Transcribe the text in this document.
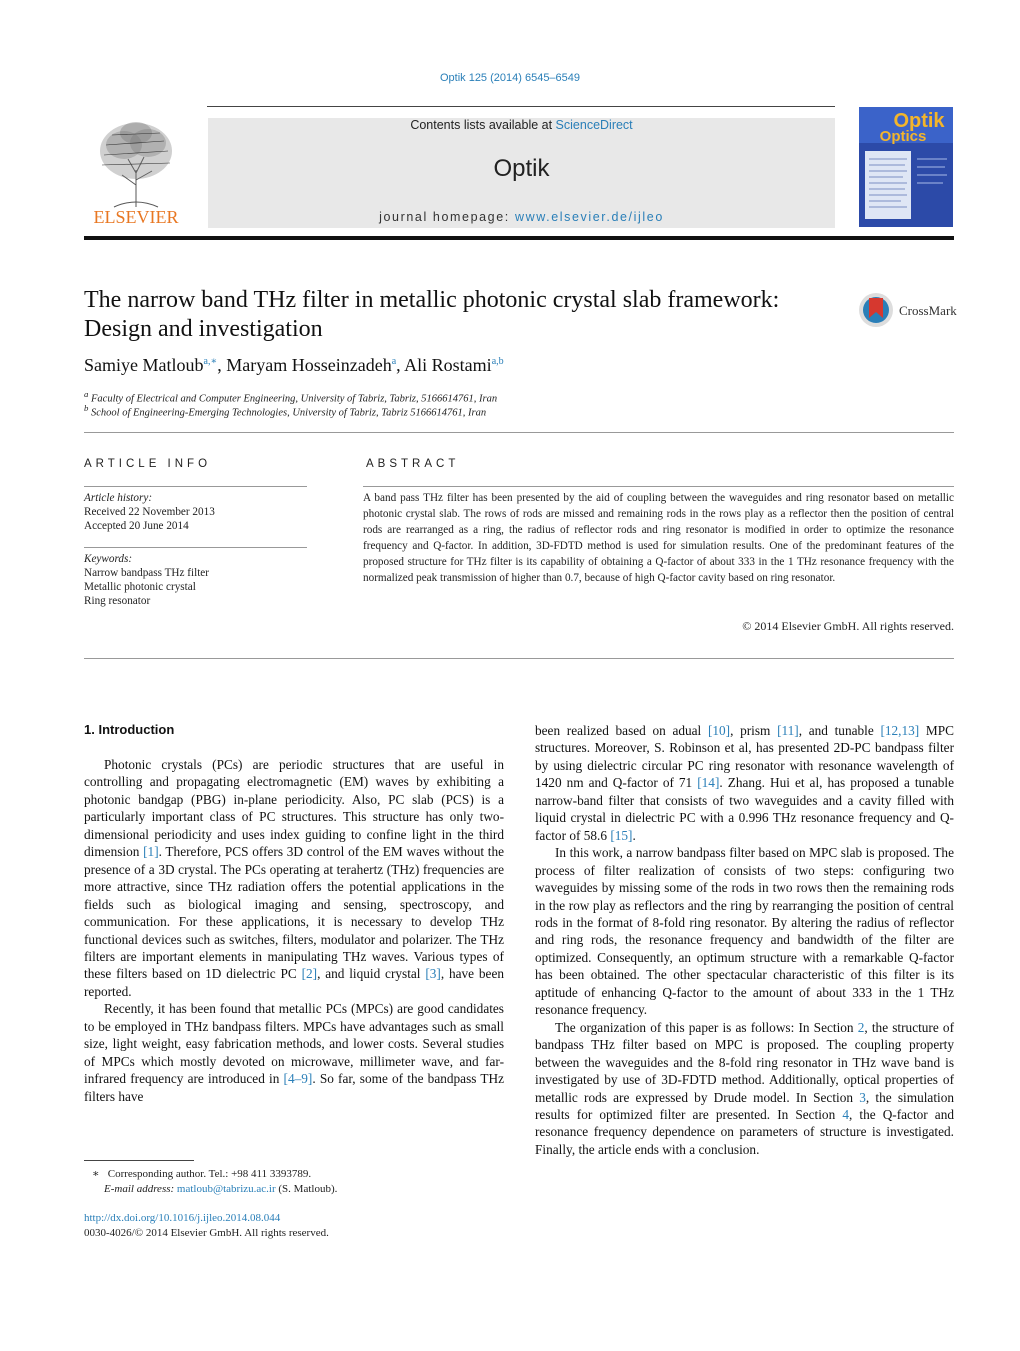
Optik 125 (2014) 6545–6549
ELSEVIER
Contents lists available at ScienceDirect
Optik
journal homepage: www.elsevier.de/ijleo
Optik
Optics
The narrow band THz filter in metallic photonic crystal slab framework: Design and investigation
CrossMark
Samiye Matloub$^{a,∗}$, Maryam Hosseinzadeh$^a$, Ali Rostami$^{a,b}$
$^a$ Faculty of Electrical and Computer Engineering, University of Tabriz, Tabriz, 5166614761, Iran
$^b$ School of Engineering-Emerging Technologies, University of Tabriz, Tabriz 5166614761, Iran
ARTICLE INFO
Article history:
Received 22 November 2013
Accepted 20 June 2014
Keywords:
Narrow bandpass THz filter
Metallic photonic crystal
Ring resonator
ABSTRACT
A band pass THz filter has been presented by the aid of coupling between the waveguides and ring resonator based on metallic photonic crystal slab. The rows of rods are missed and remaining rods in the rows play as a reflector then the position of central rods are rearranged as a ring, the radius of reflector rods and ring resonator is modified in order to optimize the resonance frequency and Q-factor. In addition, 3D-FDTD method is used for simulation results. One of the predominant features of the proposed structure for THz filter is its capability of obtaining a Q-factor of about 333 in the 1 THz resonance frequency with the normalized peak transmission of higher than 0.7, because of high Q-factor cavity based on ring resonator.
© 2014 Elsevier GmbH. All rights reserved.
1. Introduction

Photonic crystals (PCs) are periodic structures that are useful in controlling and propagating electromagnetic (EM) waves by exhibiting a photonic bandgap (PBG) in-plane periodicity. Also, PC slab (PCS) is a particularly important class of PC structures. This structure has only two-dimensional periodicity and uses index guiding to confine light in the third dimension [1]. Therefore, PCS offers 3D control of the EM waves without the presence of a 3D crystal. The PCs operating at terahertz (THz) frequencies are more attractive, since THz radiation offers the potential applications in the fields such as biological imaging and sensing, spectroscopy, and communication. For these applications, it is necessary to develop THz functional devices such as switches, filters, modulator and polarizer. The THz filters are important elements in manipulating THz waves. Various types of these filters based on 1D dielectric PC [2], and liquid crystal [3], have been reported.

Recently, it has been found that metallic PCs (MPCs) are good candidates to be employed in THz bandpass filters. MPCs have advantages such as small size, light weight, easy fabrication methods, and lower costs. Several studies of MPCs which mostly devoted on microwave, millimeter wave, and far-infrared frequency are introduced in [4–9]. So far, some of the bandpass THz filters have

been realized based on adual [10], prism [11], and tunable [12,13] MPC structures. Moreover, S. Robinson et al, has presented 2D-PC bandpass filter by using dielectric circular PC ring resonator with resonance wavelength of 1420 nm and Q-factor of 71 [14]. Zhang. Hui et al, has proposed a tunable narrow-band filter that consists of two waveguides and a cavity filled with liquid crystal in dielectric PC with a 0.996 THz resonance frequency and Q-factor of 58.6 [15].

In this work, a narrow bandpass filter based on MPC slab is proposed. The process of filter realization of consists of two steps: configuring two waveguides by missing some of the rods in two rows then the remaining rods in the row play as reflectors and the ring by rearranging the position of central rods in the format of 8-fold ring resonator. By altering the radius of reflector and ring rods, the resonance frequency and bandwidth of the filter are optimized. Consequently, an optimum structure with a remarkable Q-factor has been obtained. The other spectacular characteristic of this filter is its aptitude of enhancing Q-factor to the amount of about 333 in the 1 THz resonance frequency.

The organization of this paper is as follows: In Section 2, the structure of bandpass THz filter based on MPC is proposed. The coupling property between the waveguides and the 8-fold ring resonator in THz wave band is investigated by use of 3D-FDTD method. Additionally, optical properties of metallic rods are expressed by Drude model. In Section 3, the simulation results for optimized filter are presented. In Section 4, the Q-factor and resonance frequency dependence on parameters of structure is investigated. Finally, the article ends with a conclusion.

∗ Corresponding author. Tel.: +98 411 3393789.
E-mail address: matloub@tabrizu.ac.ir (S. Matloub).
http://dx.doi.org/10.1016/j.ijleo.2014.08.044
0030-4026/© 2014 Elsevier GmbH. All rights reserved.
